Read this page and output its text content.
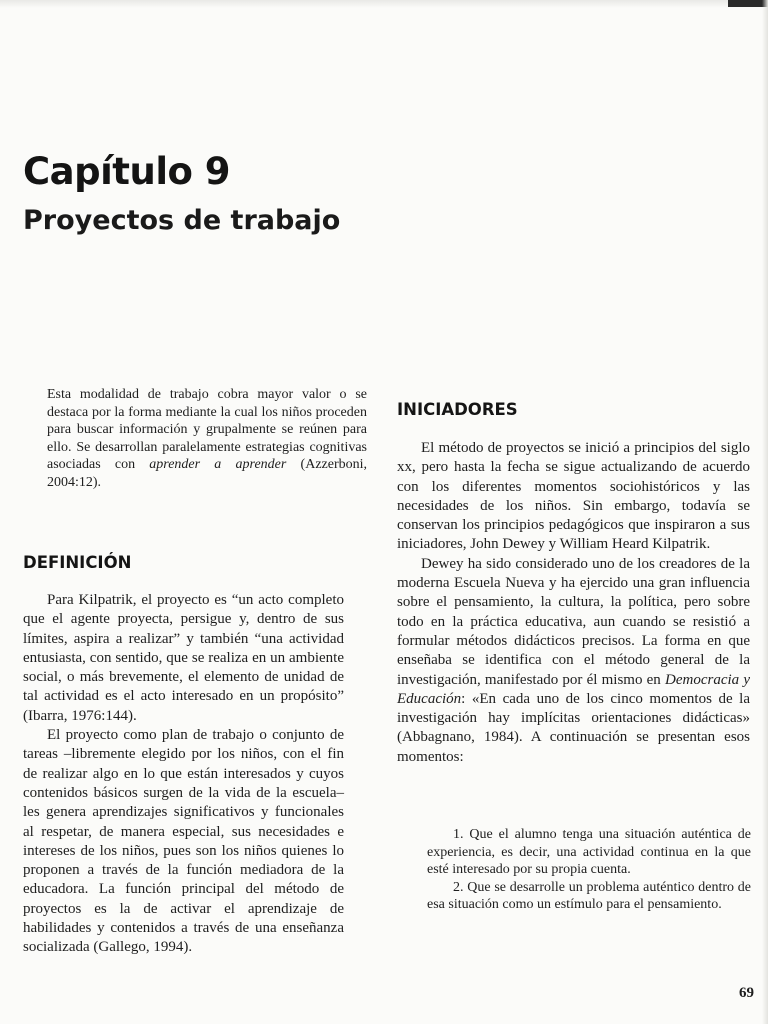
Capítulo 9
Proyectos de trabajo

Esta modalidad de trabajo cobra mayor valor o se destaca por la forma mediante la cual los niños proceden para buscar información y grupalmente se reúnen para ello. Se desarrollan paralelamente estrategias cognitivas asociadas con aprender a aprender (Azzerboni, 2004:12).

DEFINICIÓN

Para Kilpatrik, el proyecto es “un acto completo que el agente proyecta, persigue y, dentro de sus límites, aspira a realizar” y también “una actividad entusiasta, con sentido, que se realiza en un ambiente social, o más brevemente, el elemento de unidad de tal actividad es el acto interesado en un propósito” (Ibarra, 1976:144).

El proyecto como plan de trabajo o conjunto de tareas –libremente elegido por los niños, con el fin de realizar algo en lo que están interesados y cuyos contenidos básicos surgen de la vida de la escuela– les genera aprendizajes significativos y funcionales al respetar, de manera especial, sus necesidades e intereses de los niños, pues son los niños quienes lo proponen a través de la función mediadora de la educadora. La función principal del método de proyectos es la de activar el aprendizaje de habilidades y contenidos a través de una enseñanza socializada (Gallego, 1994).

INICIADORES

El método de proyectos se inició a principios del siglo xx, pero hasta la fecha se sigue actualizando de acuerdo con los diferentes momentos sociohistóricos y las necesidades de los niños. Sin embargo, todavía se conservan los principios pedagógicos que inspiraron a sus iniciadores, John Dewey y William Heard Kilpatrik.

Dewey ha sido considerado uno de los creadores de la moderna Escuela Nueva y ha ejercido una gran influencia sobre el pensamiento, la cultura, la política, pero sobre todo en la práctica educativa, aun cuando se resistió a formular métodos didácticos precisos. La forma en que enseñaba se identifica con el método general de la investigación, manifestado por él mismo en Democracia y Educación: «En cada uno de los cinco momentos de la investigación hay implícitas orientaciones didácticas» (Abbagnano, 1984). A continuación se presentan esos momentos:

1. Que el alumno tenga una situación auténtica de experiencia, es decir, una actividad continua en la que esté interesado por su propia cuenta.

2. Que se desarrolle un problema auténtico dentro de esa situación como un estímulo para el pensamiento.

69
